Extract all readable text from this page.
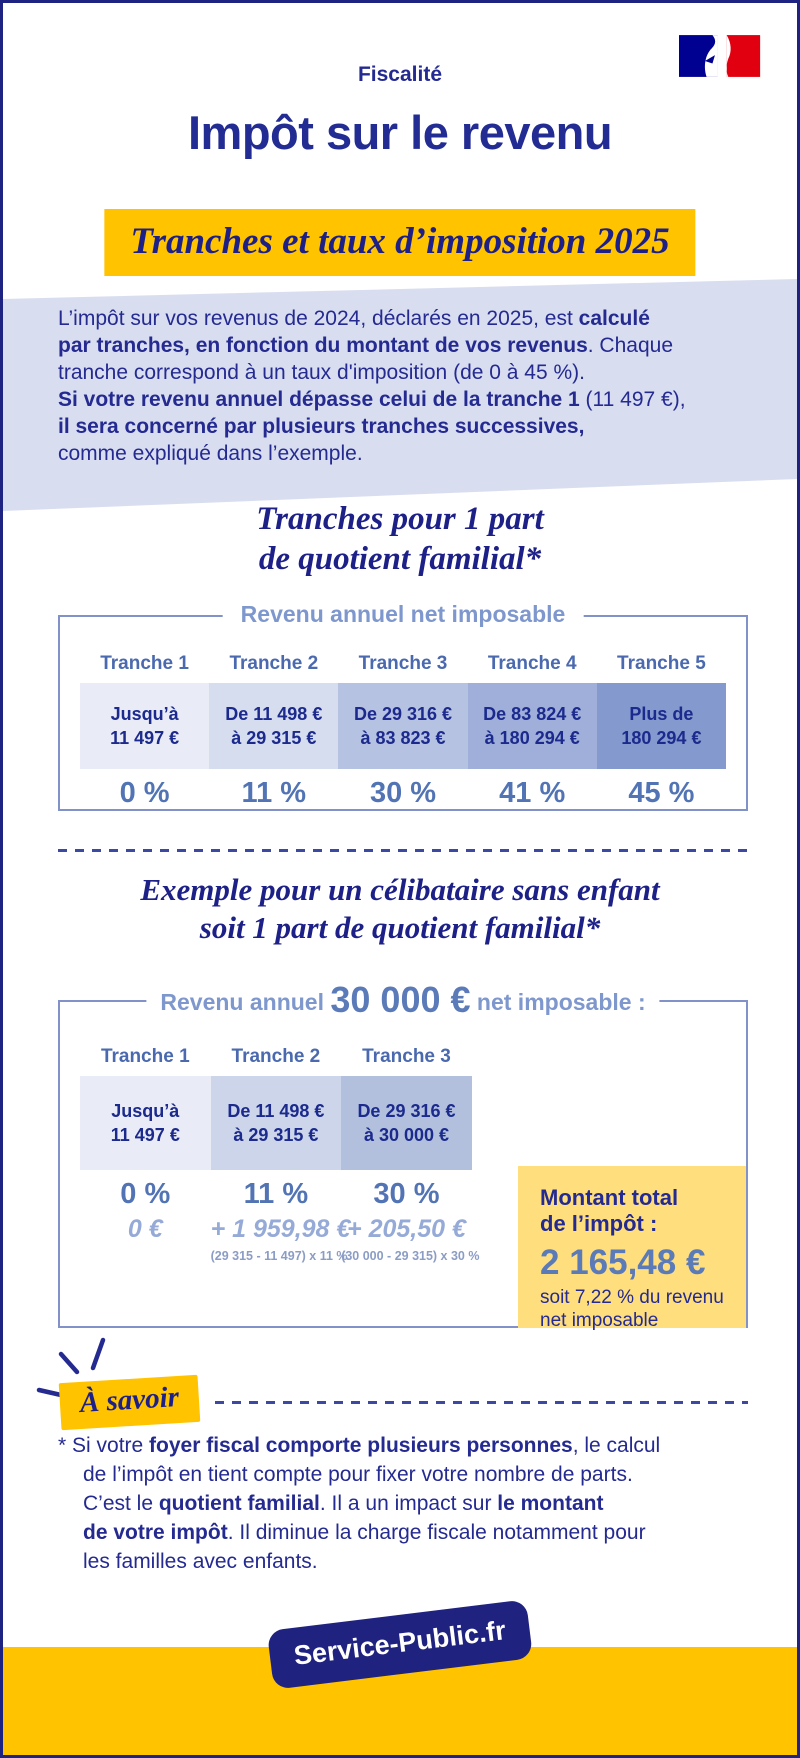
Fiscalité
Impôt sur le revenu
Tranches et taux d’imposition 2025
L’impôt sur vos revenus de 2024, déclarés en 2025, est calculé
par tranches, en fonction du montant de vos revenus. Chaque
tranche correspond à un taux d'imposition (de 0 à 45 %).
Si votre revenu annuel dépasse celui de la tranche 1 (11 497 €),
il sera concerné par plusieurs tranches successives,
comme expliqué dans l’exemple.
Tranches pour 1 part
de quotient familial*
Revenu annuel net imposable
Tranche 1
Jusqu’à
11 497 €
0 %
Tranche 2
De 11 498 €
à 29 315 €
11 %
Tranche 3
De 29 316 €
à 83 823 €
30 %
Tranche 4
De 83 824 €
à 180 294 €
41 %
Tranche 5
Plus de
180 294 €
45 %
Exemple pour un célibataire sans enfant
soit 1 part de quotient familial*
Revenu annuel 30 000 € net imposable :
Tranche 1
Jusqu’à
11 497 €
0 %
0 €
Tranche 2
De 11 498 €
à 29 315 €
11 %
+ 1 959,98 €
(29 315 - 11 497) x 11 %
Tranche 3
De 29 316 €
à 30 000 €
30 %
+ 205,50 €
(30 000 - 29 315) x 30 %
Montant total
de l’impôt :
2 165,48 €
soit 7,22 % du revenu
net imposable
À savoir
* Si votre foyer fiscal comporte plusieurs personnes, le calcul
de l’impôt en tient compte pour fixer votre nombre de parts.
C’est le quotient familial. Il a un impact sur le montant
de votre impôt. Il diminue la charge fiscale notamment pour
les familles avec enfants.
Service-Public.fr
